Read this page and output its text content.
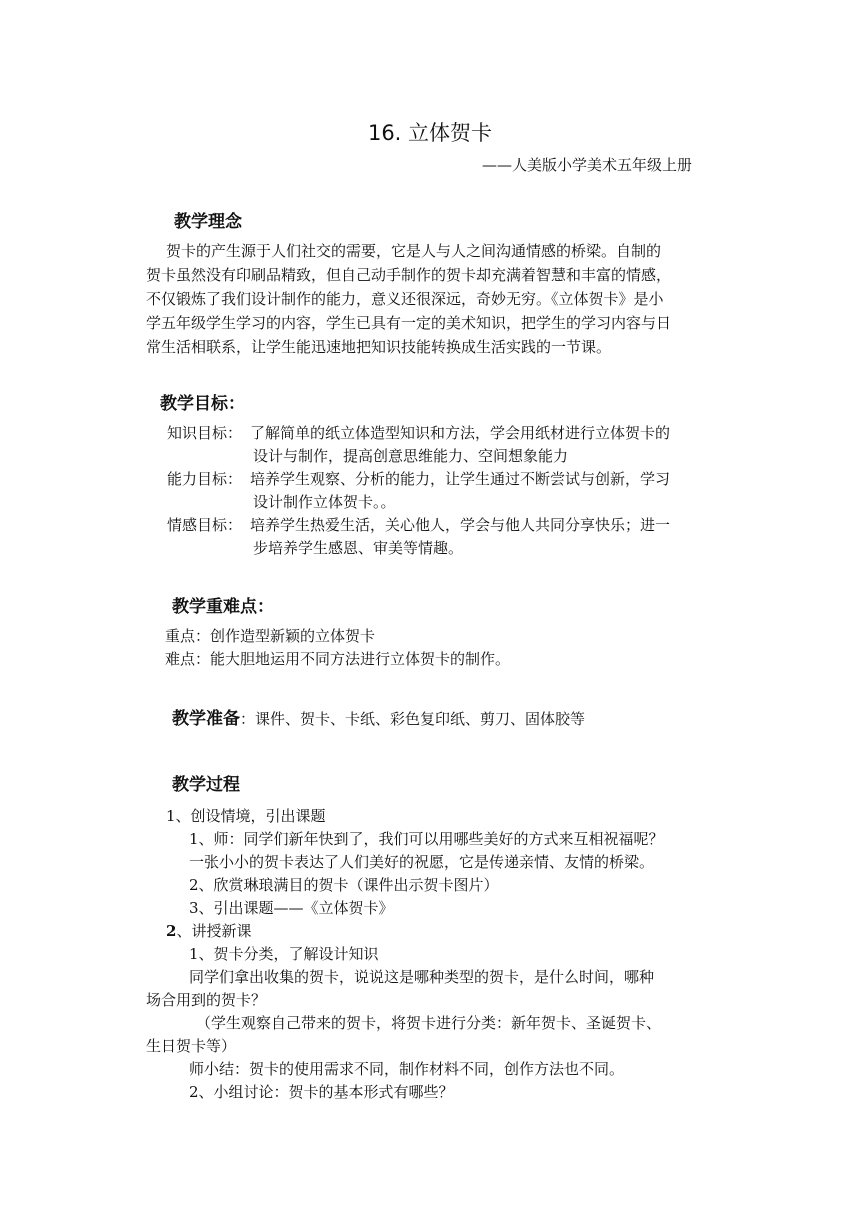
16. 立体贺卡
——人美版小学美术五年级上册
教学理念
贺卡的产生源于人们社交的需要，它是人与人之间沟通情感的桥梁。自制的
贺卡虽然没有印刷品精致，但自己动手制作的贺卡却充满着智慧和丰富的情感，
不仅锻炼了我们设计制作的能力，意义还很深远，奇妙无穷。《立体贺卡》是小
学五年级学生学习的内容，学生已具有一定的美术知识，把学生的学习内容与日
常生活相联系，让学生能迅速地把知识技能转换成生活实践的一节课。
教学目标：
知识目标： 了解简单的纸立体造型知识和方法，学会用纸材进行立体贺卡的
设计与制作，提高创意思维能力、空间想象能力
能力目标： 培养学生观察、分析的能力，让学生通过不断尝试与创新，学习
设计制作立体贺卡。。
情感目标： 培养学生热爱生活，关心他人，学会与他人共同分享快乐；进一
步培养学生感恩、审美等情趣。
教学重难点：
重点：创作造型新颖的立体贺卡
难点：能大胆地运用不同方法进行立体贺卡的制作。
教学准备：课件、贺卡、卡纸、彩色复印纸、剪刀、固体胶等
教学过程
1、创设情境，引出课题
1、师：同学们新年快到了，我们可以用哪些美好的方式来互相祝福呢？
一张小小的贺卡表达了人们美好的祝愿，它是传递亲情、友情的桥梁。
2、欣赏琳琅满目的贺卡（课件出示贺卡图片）
3、引出课题——《立体贺卡》
2、讲授新课
1、贺卡分类，了解设计知识
同学们拿出收集的贺卡，说说这是哪种类型的贺卡，是什么时间，哪种
场合用到的贺卡？
（学生观察自己带来的贺卡，将贺卡进行分类：新年贺卡、圣诞贺卡、
生日贺卡等）
师小结：贺卡的使用需求不同，制作材料不同，创作方法也不同。
2、小组讨论：贺卡的基本形式有哪些？
